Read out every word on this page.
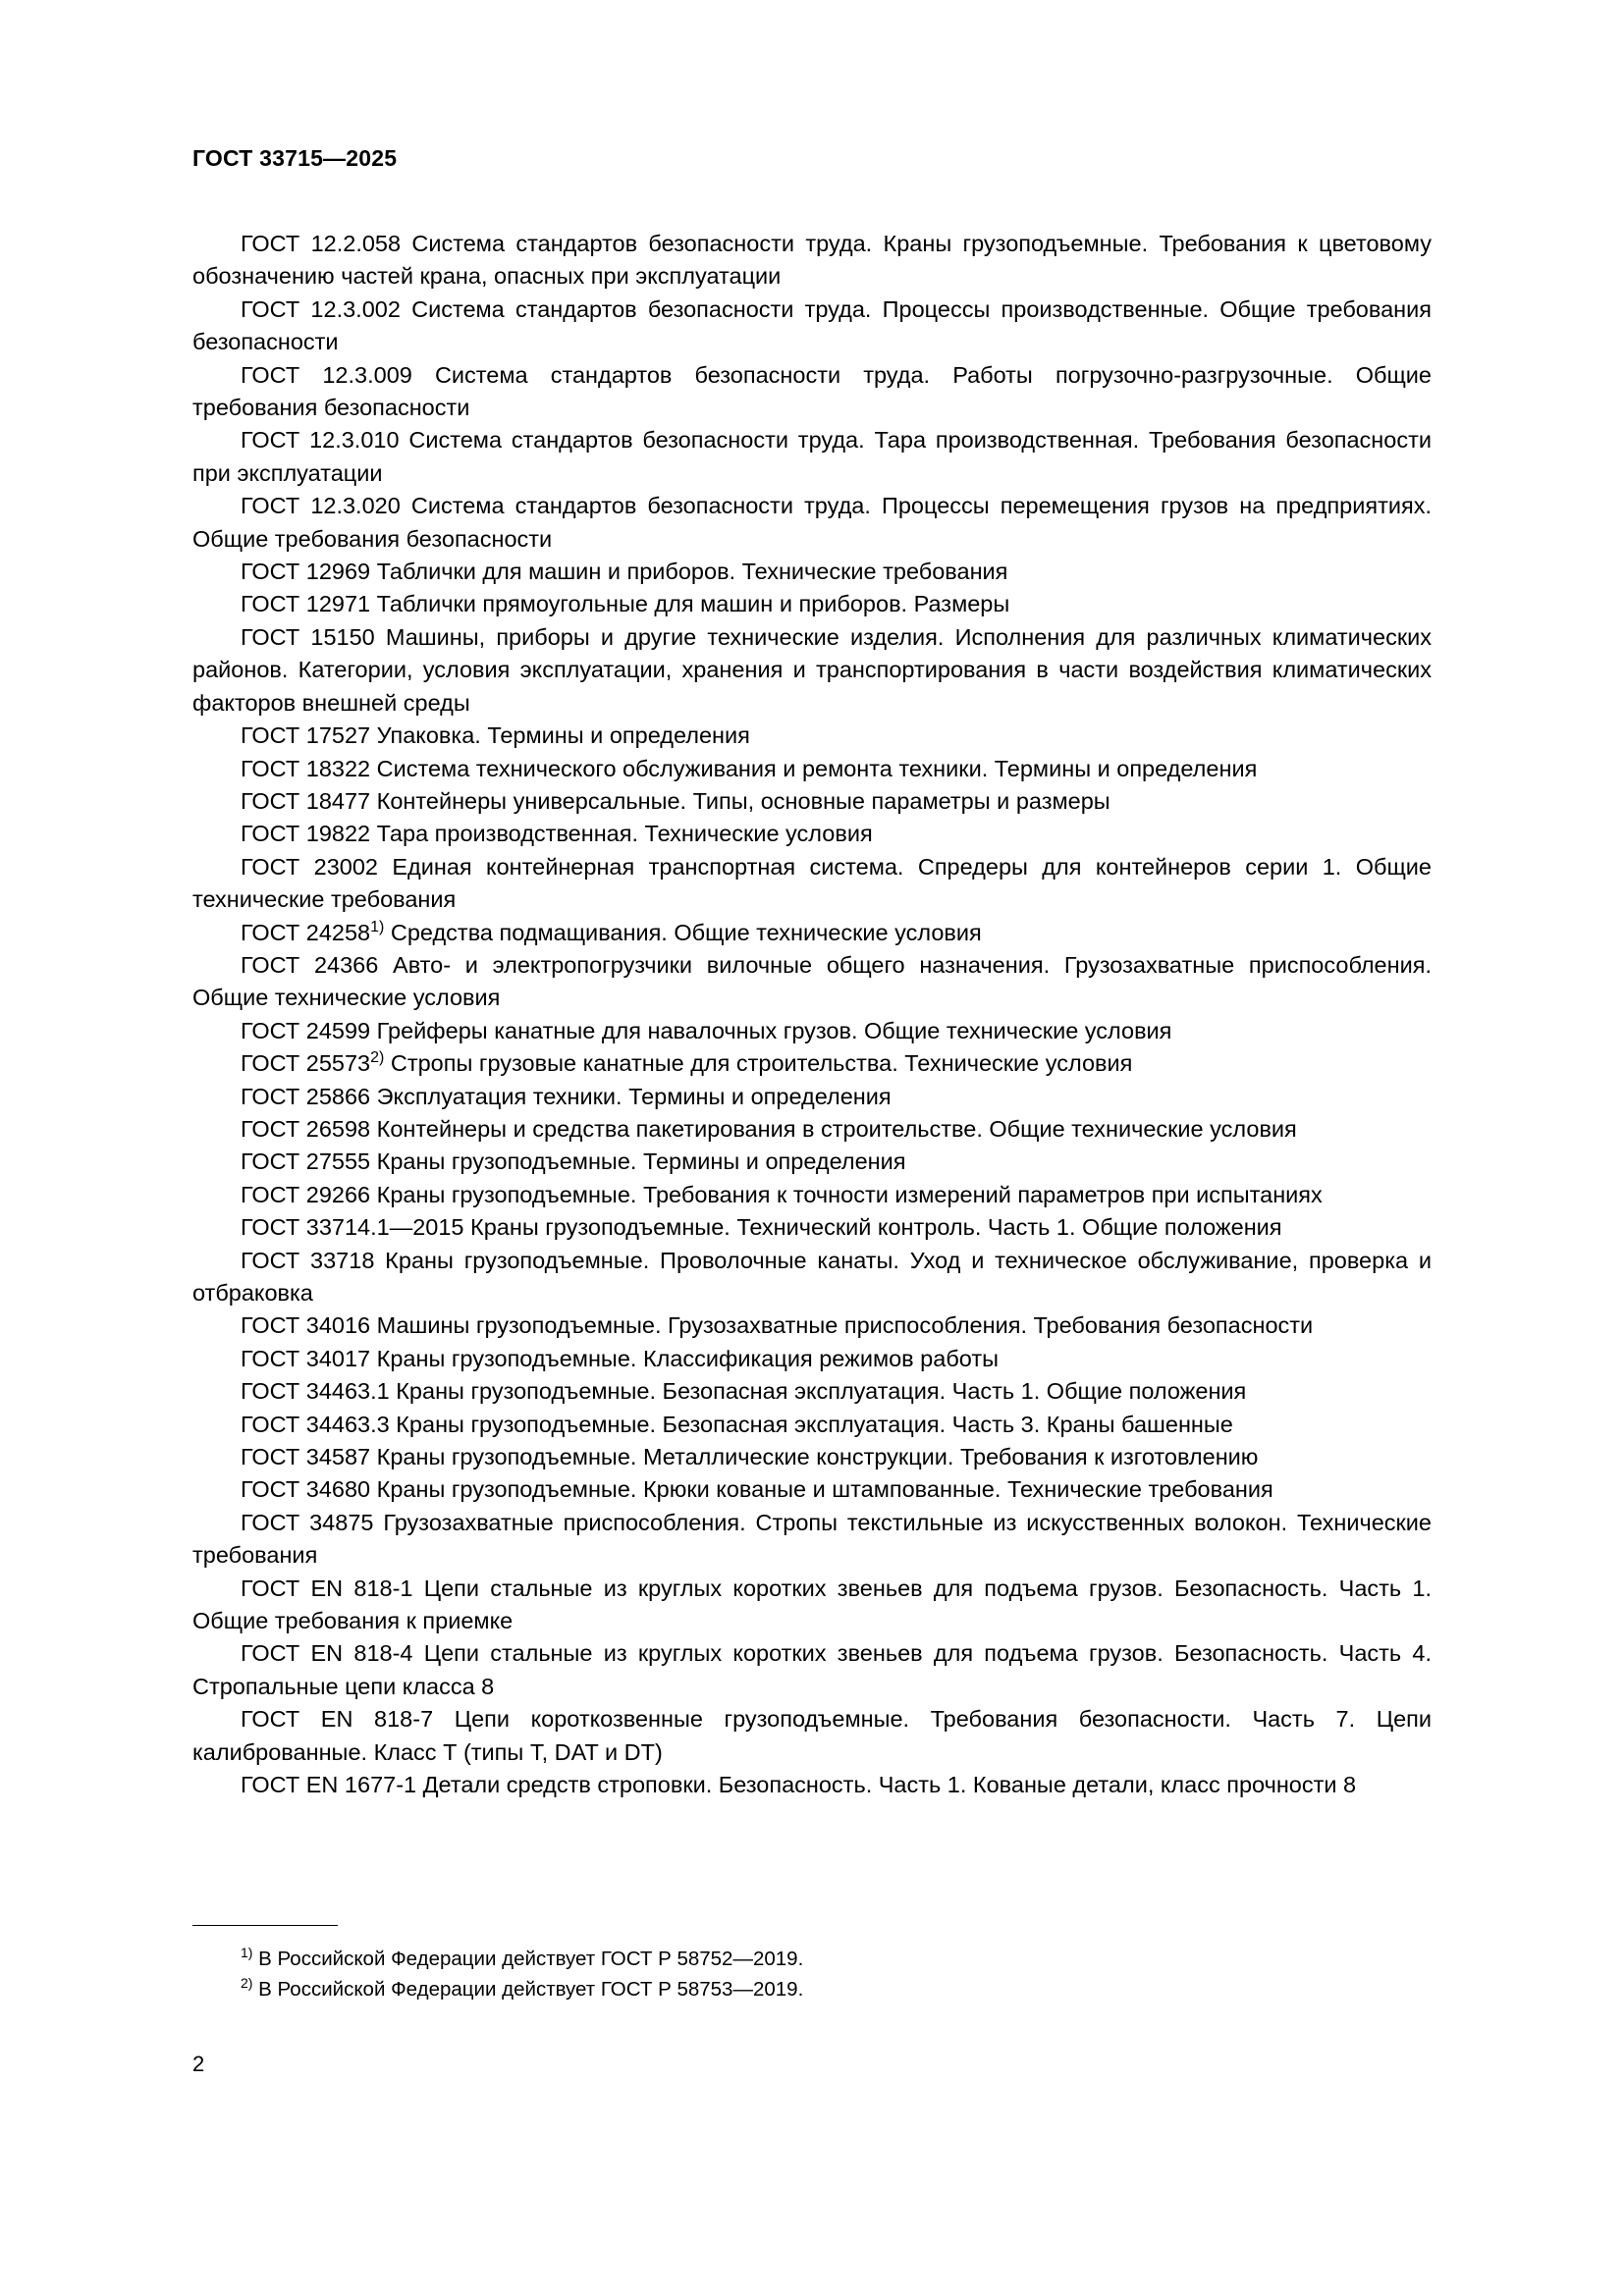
ГОСТ 33715—2025

ГОСТ 12.2.058 Система стандартов безопасности труда. Краны грузоподъемные. Требования к цветовому обозначению частей крана, опасных при эксплуатации

ГОСТ 12.3.002 Система стандартов безопасности труда. Процессы производственные. Общие требования безопасности

ГОСТ 12.3.009 Система стандартов безопасности труда. Работы погрузочно-разгрузочные. Общие требования безопасности

ГОСТ 12.3.010 Система стандартов безопасности труда. Тара производственная. Требования безопасности при эксплуатации

ГОСТ 12.3.020 Система стандартов безопасности труда. Процессы перемещения грузов на предприятиях. Общие требования безопасности

ГОСТ 12969 Таблички для машин и приборов. Технические требования

ГОСТ 12971 Таблички прямоугольные для машин и приборов. Размеры

ГОСТ 15150 Машины, приборы и другие технические изделия. Исполнения для различных климатических районов. Категории, условия эксплуатации, хранения и транспортирования в части воздействия климатических факторов внешней среды

ГОСТ 17527 Упаковка. Термины и определения

ГОСТ 18322 Система технического обслуживания и ремонта техники. Термины и определения

ГОСТ 18477 Контейнеры универсальные. Типы, основные параметры и размеры

ГОСТ 19822 Тара производственная. Технические условия

ГОСТ 23002 Единая контейнерная транспортная система. Спредеры для контейнеров серии 1. Общие технические требования

ГОСТ 24258$^{1)}$ Средства подмащивания. Общие технические условия

ГОСТ 24366 Авто- и электропогрузчики вилочные общего назначения. Грузозахватные приспособления. Общие технические условия

ГОСТ 24599 Грейферы канатные для навалочных грузов. Общие технические условия

ГОСТ 25573$^{2)}$ Стропы грузовые канатные для строительства. Технические условия

ГОСТ 25866 Эксплуатация техники. Термины и определения

ГОСТ 26598 Контейнеры и средства пакетирования в строительстве. Общие технические условия

ГОСТ 27555 Краны грузоподъемные. Термины и определения

ГОСТ 29266 Краны грузоподъемные. Требования к точности измерений параметров при испытаниях

ГОСТ 33714.1—2015 Краны грузоподъемные. Технический контроль. Часть 1. Общие положения

ГОСТ 33718 Краны грузоподъемные. Проволочные канаты. Уход и техническое обслуживание, проверка и отбраковка

ГОСТ 34016 Машины грузоподъемные. Грузозахватные приспособления. Требования безопасности

ГОСТ 34017 Краны грузоподъемные. Классификация режимов работы

ГОСТ 34463.1 Краны грузоподъемные. Безопасная эксплуатация. Часть 1. Общие положения

ГОСТ 34463.3 Краны грузоподъемные. Безопасная эксплуатация. Часть 3. Краны башенные

ГОСТ 34587 Краны грузоподъемные. Металлические конструкции. Требования к изготовлению

ГОСТ 34680 Краны грузоподъемные. Крюки кованые и штампованные. Технические требования

ГОСТ 34875 Грузозахватные приспособления. Стропы текстильные из искусственных волокон. Технические требования

ГОСТ EN 818-1 Цепи стальные из круглых коротких звеньев для подъема грузов. Безопасность. Часть 1. Общие требования к приемке

ГОСТ EN 818-4 Цепи стальные из круглых коротких звеньев для подъема грузов. Безопасность. Часть 4. Стропальные цепи класса 8

ГОСТ EN 818-7 Цепи короткозвенные грузоподъемные. Требования безопасности. Часть 7. Цепи калиброванные. Класс Т (типы Т, DAT и DT)

ГОСТ EN 1677-1 Детали средств строповки. Безопасность. Часть 1. Кованые детали, класс прочности 8

$^{1)}$ В Российской Федерации действует ГОСТ Р 58752—2019.

$^{2)}$ В Российской Федерации действует ГОСТ Р 58753—2019.

2
